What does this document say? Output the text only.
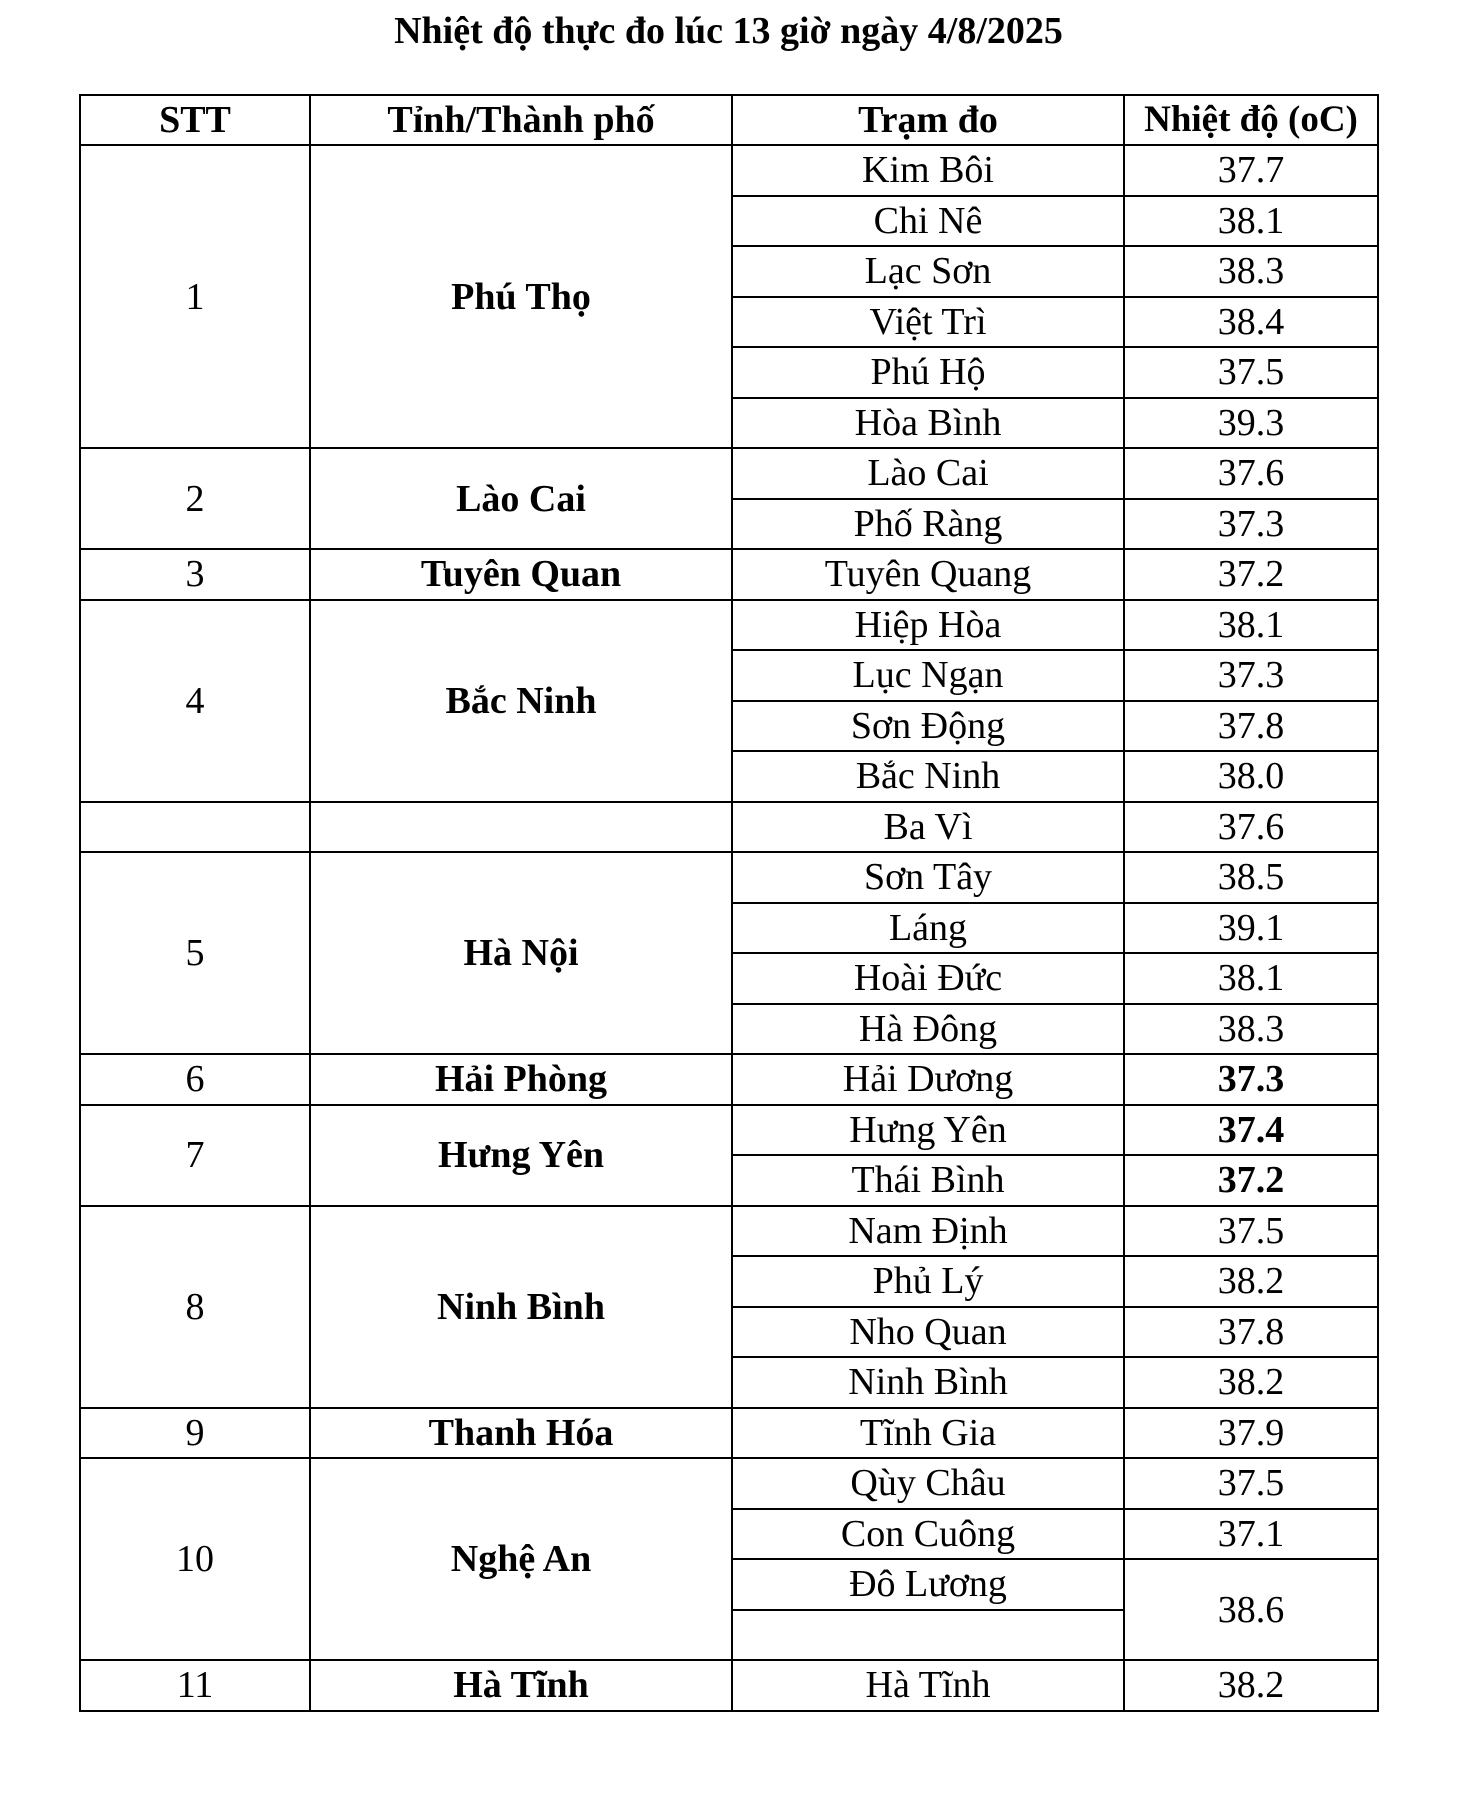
Nhiệt độ thực đo lúc 13 giờ ngày 4/8/2025
STT	Tỉnh/Thành phố	Trạm đo	Nhiệt độ (oC)
1	Phú Thọ	Kim Bôi	37.7
		Chi Nê	38.1
		Lạc Sơn	38.3
		Việt Trì	38.4
		Phú Hộ	37.5
		Hòa Bình	39.3
2	Lào Cai	Lào Cai	37.6
		Phố Ràng	37.3
3	Tuyên Quan	Tuyên Quang	37.2
4	Bắc Ninh	Hiệp Hòa	38.1
		Lục Ngạn	37.3
		Sơn Động	37.8
		Bắc Ninh	38.0
		Ba Vì	37.6
5	Hà Nội	Sơn Tây	38.5
		Láng	39.1
		Hoài Đức	38.1
		Hà Đông	38.3
6	Hải Phòng	Hải Dương	37.3
7	Hưng Yên	Hưng Yên	37.4
		Thái Bình	37.2
8	Ninh Bình	Nam Định	37.5
		Phủ Lý	38.2
		Nho Quan	37.8
		Ninh Bình	38.2
9	Thanh Hóa	Tĩnh Gia	37.9
10	Nghệ An	Qùy Châu	37.5
		Con Cuông	37.1
		Đô Lương	38.6

11	Hà Tĩnh	Hà Tĩnh	38.2
